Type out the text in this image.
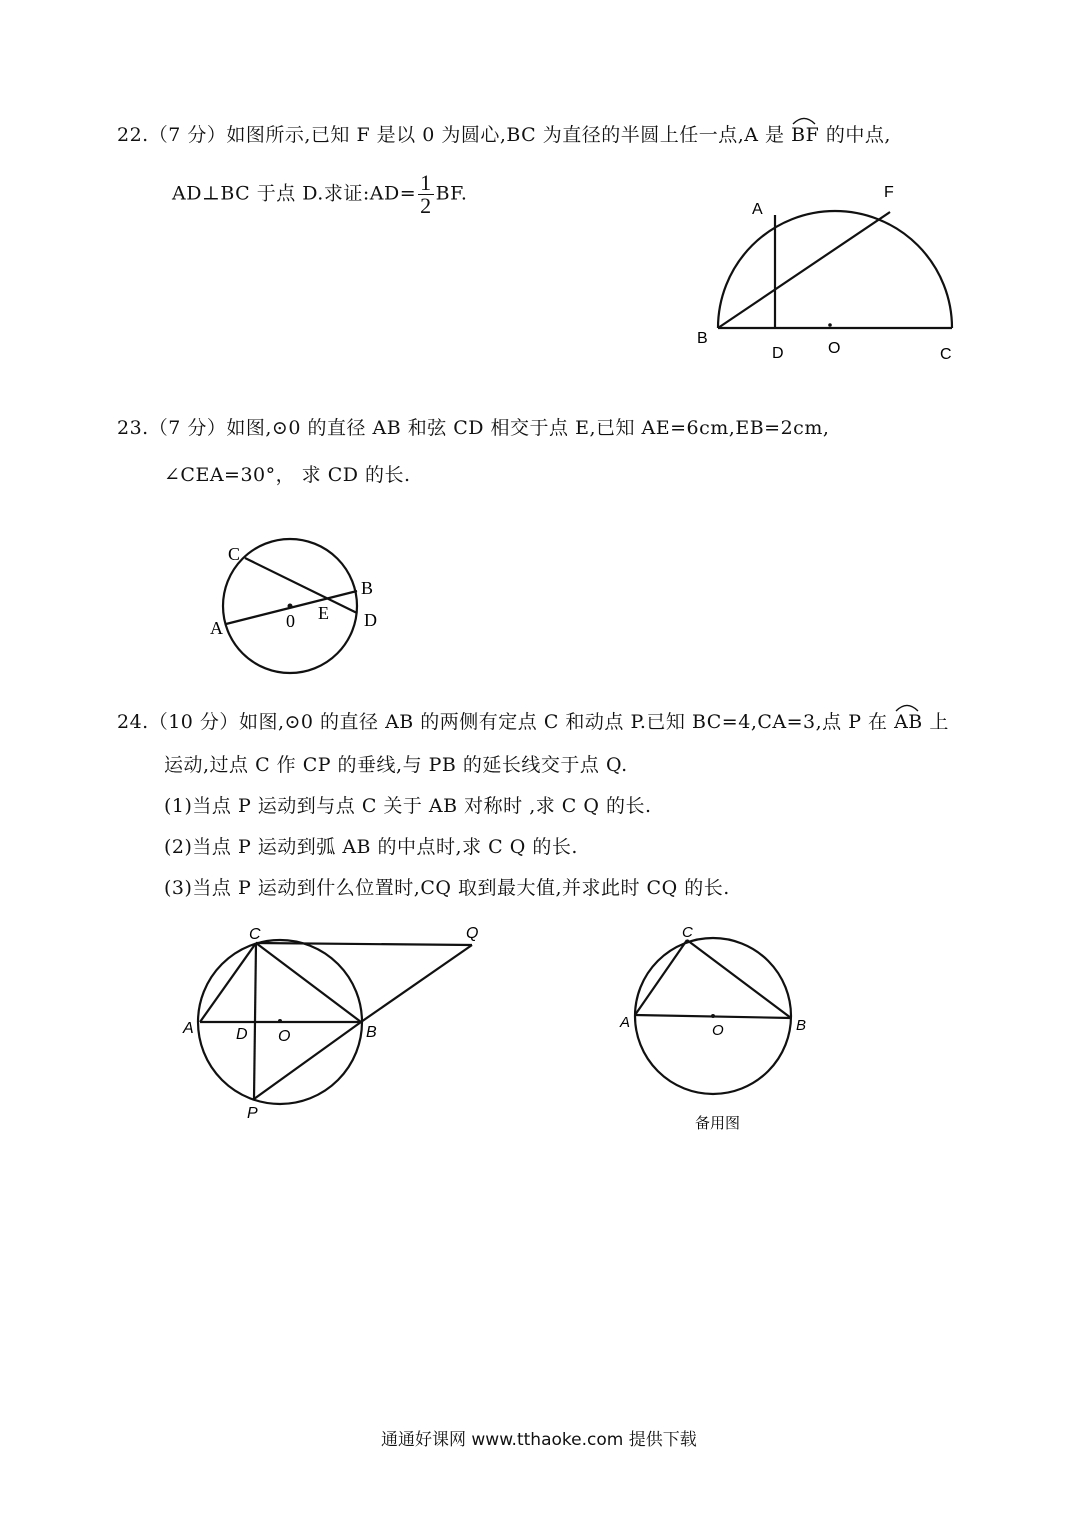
22.（7 分）如图所示,已知 F 是以 0 为圆心,BC 为直径的半圆上任一点,A 是 BF 的中点,
AD⊥BC 于点 D.求证:AD= $\frac{1}{2}$ BF.
A
F
B
D	O	C
23.（7 分）如图,⊙0 的直径 AB 和弦 CD 相交于点 E,已知 AE=6cm,EB=2cm,
∠CEA=30°， 求 CD 的长.
C
B
A	0 E D
24.（10 分）如图,⊙0 的直径 AB 的两侧有定点 C 和动点 P.已知 BC=4,CA=3,点 P 在 AB 上
运动,过点 C 作 CP 的垂线,与 PB 的延长线交于点 Q.
(1)当点 P 运动到与点 C 关于 AB 对称时 ,求 C Q 的长.
(2)当点 P 运动到弧 AB 的中点时,求 C Q 的长.
(3)当点 P 运动到什么位置时,CQ 取到最大值,并求此时 CQ 的长.
C	Q
A	D O	B
P
C
A	O	B
备用图
通通好课网 www.tthaoke.com 提供下载
